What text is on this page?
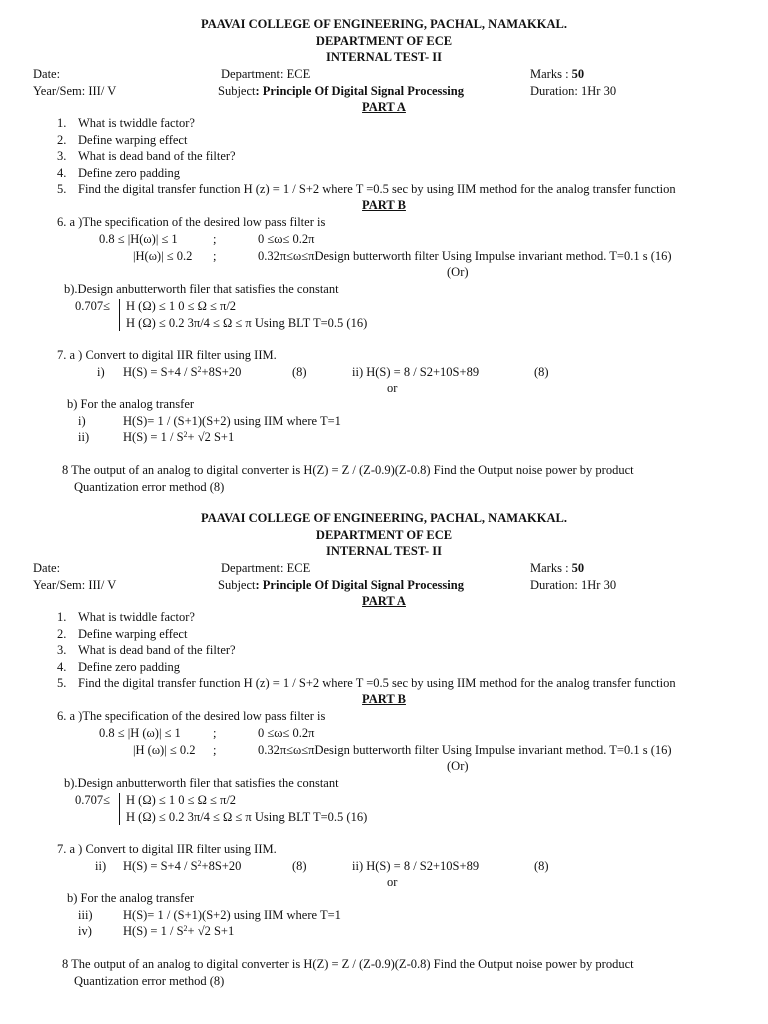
PAAVAI COLLEGE OF ENGINEERING, PACHAL, NAMAKKAL.
DEPARTMENT OF ECE
INTERNAL TEST- II
Date:	Department: ECE	Marks : 50
Year/Sem: III/ V	Subject: Principle Of Digital Signal Processing	Duration: 1Hr 30
PART A
1. What is twiddle factor?
2. Define warping effect
3. What is dead band of the filter?
4. Define zero padding
5. Find the digital transfer function H (z) = 1 / S+2 where T =0.5 sec by using IIM method for the analog transfer function
PART B
6. a )The specification of the desired low pass filter is
0.8 ≤ |H(ω)| ≤ 1	;	0 ≤ω≤ 0.2π
|H(ω)| ≤ 0.2 ;	0.32π≤ω≤πDesign butterworth filter Using Impulse invariant method. T=0.1 s (16)
(Or)
b).Design anbutterworth filer that satisfies the constant
0.707≤ H (Ω) ≤ 1 0 ≤ Ω ≤ π/2
H (Ω) ≤ 0.2 3π/4 ≤ Ω ≤ π Using BLT T=0.5 (16)
7. a ) Convert to digital IIR filter using IIM.
i) $H(S) = S+4 / S^2+8S+20$	(8)	ii) H(S) = 8 / S2+10S+89	(8)
or
b) For the analog transfer
i)	H(S)= 1 / (S+1)(S+2) using IIM where T=1
ii)	$H(S) = 1 / S^2+ √2$ S+1
8 The output of an analog to digital converter is H(Z) = Z / (Z-0.9)(Z-0.8) Find the Output noise power by product
Quantization error method (8)
PAAVAI COLLEGE OF ENGINEERING, PACHAL, NAMAKKAL.
DEPARTMENT OF ECE
INTERNAL TEST- II
Date:	Department: ECE	Marks : 50
Year/Sem: III/ V	Subject: Principle Of Digital Signal Processing	Duration: 1Hr 30
PART A
1. What is twiddle factor?
2. Define warping effect
3. What is dead band of the filter?
4. Define zero padding
5. Find the digital transfer function H (z) = 1 / S+2 where T =0.5 sec by using IIM method for the analog transfer function
PART B
6. a )The specification of the desired low pass filter is
0.8 ≤ |H (ω)| ≤ 1	;	0 ≤ω≤ 0.2π
|H (ω)| ≤ 0.2 ;	0.32π≤ω≤πDesign butterworth filter Using Impulse invariant method. T=0.1 s (16)
(Or)
b).Design anbutterworth filer that satisfies the constant
0.707≤ H (Ω) ≤ 1 0 ≤ Ω ≤ π/2
H (Ω) ≤ 0.2 3π/4 ≤ Ω ≤ π Using BLT T=0.5 (16)
7. a ) Convert to digital IIR filter using IIM.
ii) $H(S) = S+4 / S^2+8S+20$	(8)	ii) H(S) = 8 / S2+10S+89	(8)
or
b) For the analog transfer
iii) H(S)= 1 / (S+1)(S+2) using IIM where T=1
iv) $H(S) = 1 / S^2+ √2$ S+1
8 The output of an analog to digital converter is H(Z) = Z / (Z-0.9)(Z-0.8) Find the Output noise power by product
Quantization error method (8)
